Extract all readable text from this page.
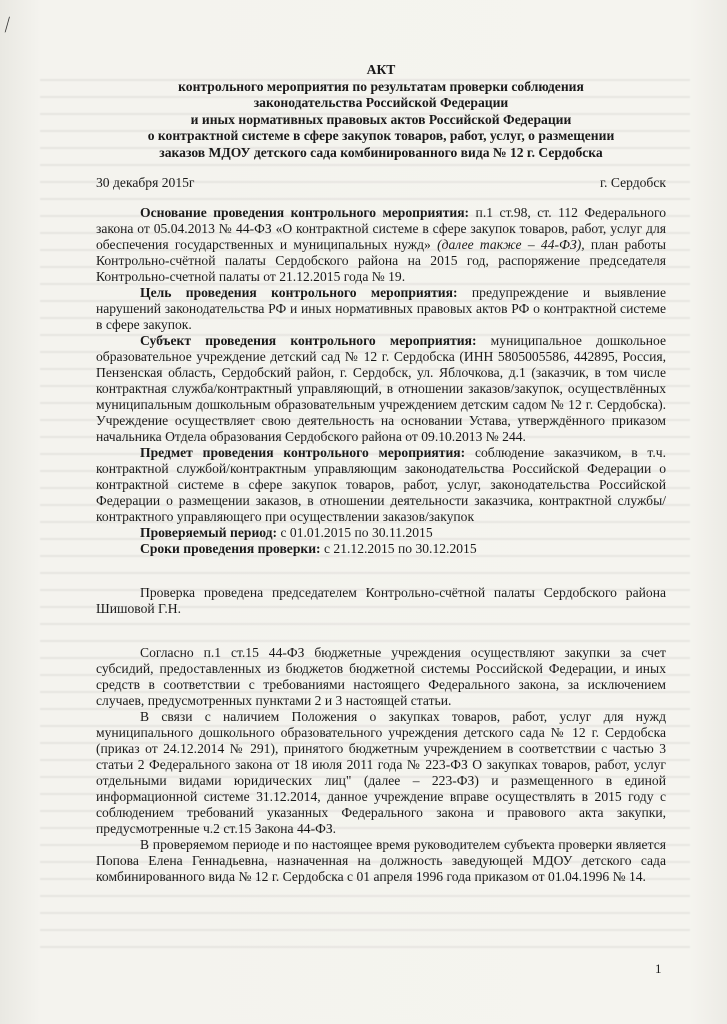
⁄
АКТ
контрольного мероприятия по результатам проверки соблюдения
законодательства Российской Федерации
и иных нормативных правовых актов Российской Федерации
о контрактной системе в сфере закупок товаров, работ, услуг, о размещении
заказов МДОУ детского сада комбинированного вида № 12 г. Сердобска
30 декабря 2015г	г. Сердобск

Основание проведения контрольного мероприятия: п.1 ст.98, ст. 112 Федерального закона от 05.04.2013 № 44-ФЗ «О контрактной системе в сфере закупок товаров, работ, услуг для обеспечения государственных и муниципальных нужд» (далее также – 44-ФЗ), план работы Контрольно-счётной палаты Сердобского района на 2015 год, распоряжение председателя Контрольно-счетной палаты от 21.12.2015 года № 19.

Цель проведения контрольного мероприятия: предупреждение и выявление нарушений законодательства РФ и иных нормативных правовых актов РФ о контрактной системе в сфере закупок.

Субъект проведения контрольного мероприятия: муниципальное дошкольное образовательное учреждение детский сад № 12 г. Сердобска (ИНН 5805005586, 442895, Россия, Пензенская область, Сердобский район, г. Сердобск, ул. Яблочкова, д.1 (заказчик, в том числе контрактная служба/контрактный управляющий, в отношении заказов/закупок, осуществлённых муниципальным дошкольным образовательным учреждением детским садом № 12 г. Сердобска). Учреждение осуществляет свою деятельность на основании Устава, утверждённого приказом начальника Отдела образования Сердобского района от 09.10.2013 № 244.

Предмет проведения контрольного мероприятия: соблюдение заказчиком, в т.ч. контрактной службой/контрактным управляющим законодательства Российской Федерации о контрактной системе в сфере закупок товаров, работ, услуг, законодательства Российской Федерации о размещении заказов, в отношении деятельности заказчика, контрактной службы/контрактного управляющего при осуществлении заказов/закупок

Проверяемый период: с 01.01.2015 по 30.11.2015

Сроки проведения проверки: с 21.12.2015 по 30.12.2015

Проверка проведена председателем Контрольно-счётной палаты Сердобского района Шишовой Г.Н.

Согласно п.1 ст.15 44-ФЗ бюджетные учреждения осуществляют закупки за счет субсидий, предоставленных из бюджетов бюджетной системы Российской Федерации, и иных средств в соответствии с требованиями настоящего Федерального закона, за исключением случаев, предусмотренных пунктами 2 и 3 настоящей статьи.

В связи с наличием Положения о закупках товаров, работ, услуг для нужд муниципального дошкольного образовательного учреждения детского сада № 12 г. Сердобска (приказ от 24.12.2014 № 291), принятого бюджетным учреждением в соответствии с частью 3 статьи 2 Федерального закона от 18 июля 2011 года № 223-ФЗ О закупках товаров, работ, услуг отдельными видами юридических лиц" (далее – 223-ФЗ) и размещенного в единой информационной системе 31.12.2014, данное учреждение вправе осуществлять в 2015 году с соблюдением требований указанных Федерального закона и правового акта закупки, предусмотренные ч.2 ст.15 Закона 44-ФЗ.

В проверяемом периоде и по настоящее время руководителем субъекта проверки является Попова Елена Геннадьевна, назначенная на должность заведующей МДОУ детского сада комбинированного вида № 12 г. Сердобска с 01 апреля 1996 года приказом от 01.04.1996 № 14.

1
